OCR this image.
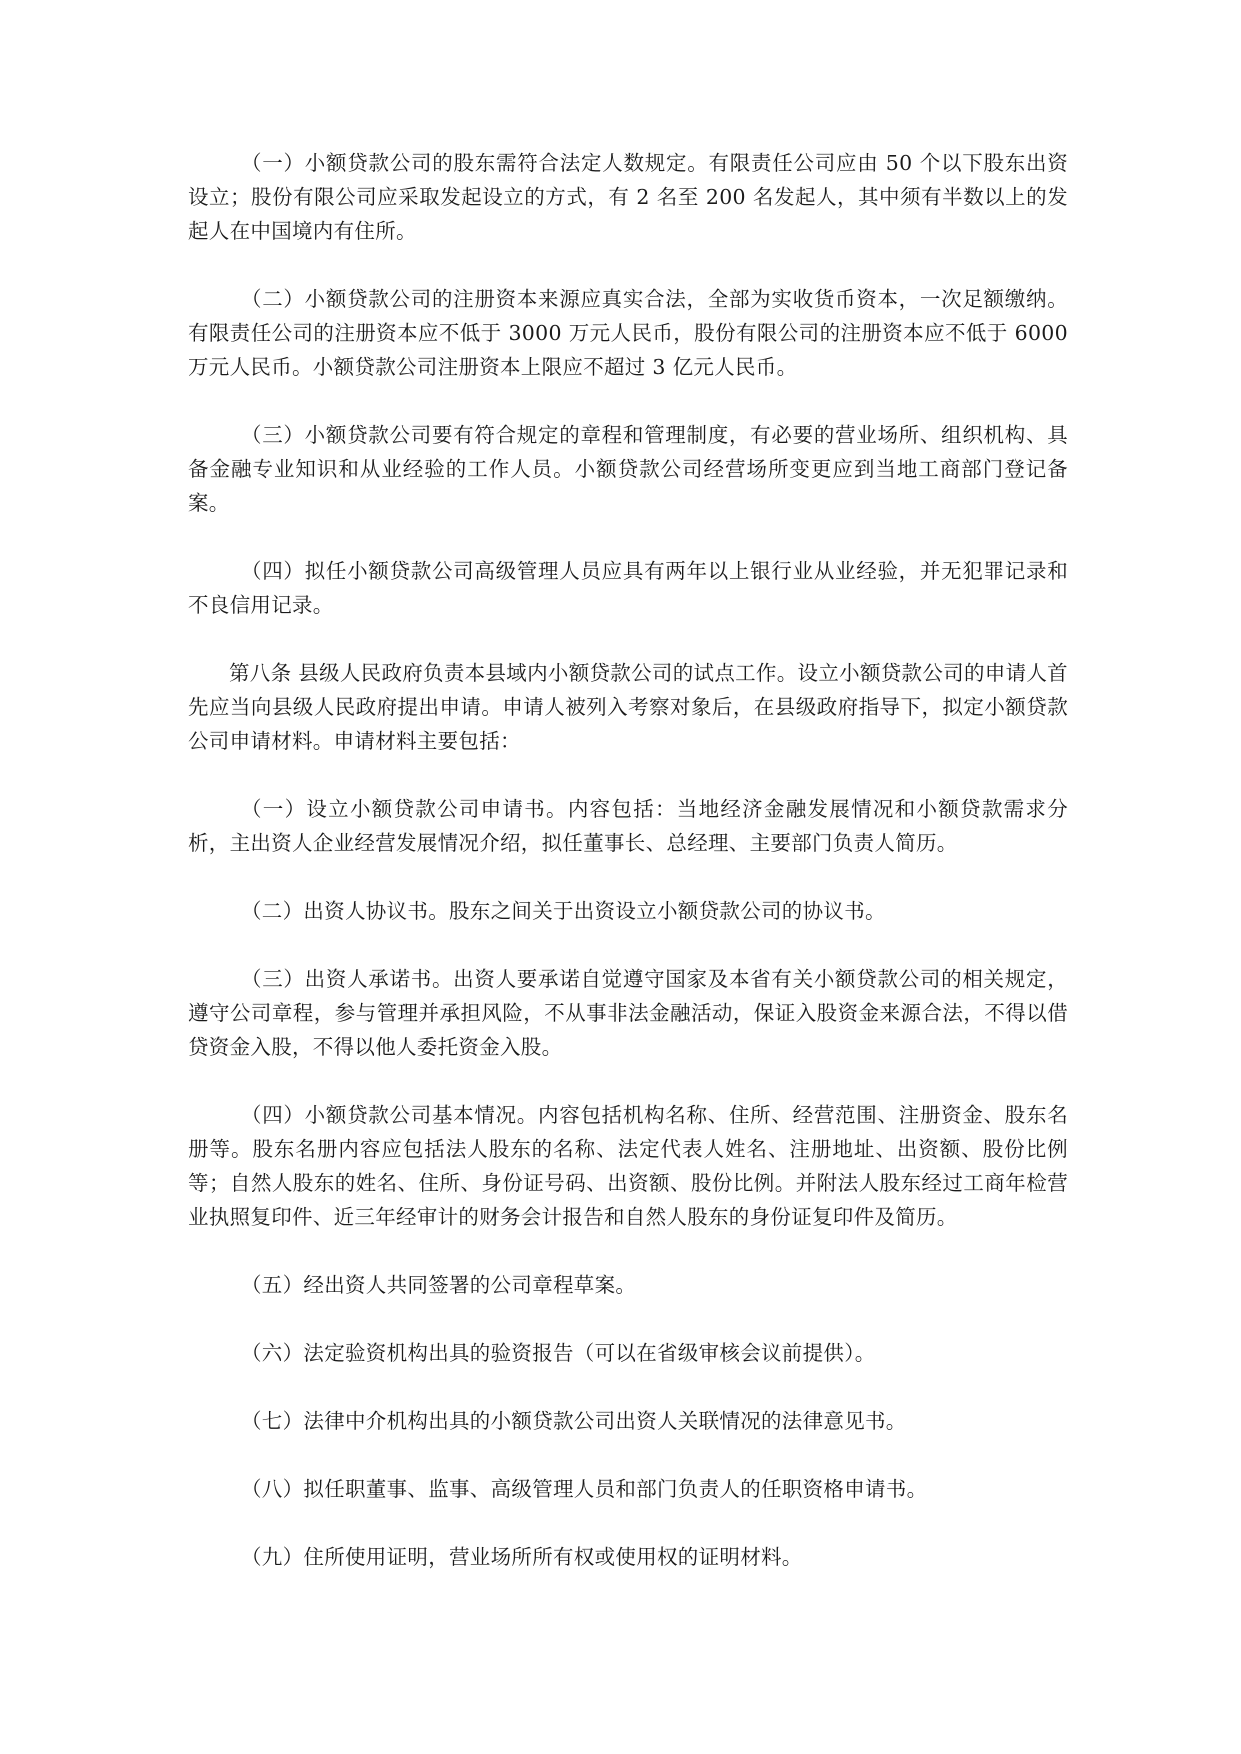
（一）小额贷款公司的股东需符合法定人数规定。有限责任公司应由 50 个以下股东出资设立；股份有限公司应采取发起设立的方式，有 2 名至 200 名发起人，其中须有半数以上的发起人在中国境内有住所。

（二）小额贷款公司的注册资本来源应真实合法，全部为实收货币资本，一次足额缴纳。有限责任公司的注册资本应不低于 3000 万元人民币，股份有限公司的注册资本应不低于 6000 万元人民币。小额贷款公司注册资本上限应不超过 3 亿元人民币。

（三）小额贷款公司要有符合规定的章程和管理制度，有必要的营业场所、组织机构、具备金融专业知识和从业经验的工作人员。小额贷款公司经营场所变更应到当地工商部门登记备案。

（四）拟任小额贷款公司高级管理人员应具有两年以上银行业从业经验，并无犯罪记录和不良信用记录。

第八条 县级人民政府负责本县域内小额贷款公司的试点工作。设立小额贷款公司的申请人首先应当向县级人民政府提出申请。申请人被列入考察对象后，在县级政府指导下，拟定小额贷款公司申请材料。申请材料主要包括：

（一）设立小额贷款公司申请书。内容包括：当地经济金融发展情况和小额贷款需求分析，主出资人企业经营发展情况介绍，拟任董事长、总经理、主要部门负责人简历。

（二）出资人协议书。股东之间关于出资设立小额贷款公司的协议书。

（三）出资人承诺书。出资人要承诺自觉遵守国家及本省有关小额贷款公司的相关规定，遵守公司章程，参与管理并承担风险，不从事非法金融活动，保证入股资金来源合法，不得以借贷资金入股，不得以他人委托资金入股。

（四）小额贷款公司基本情况。内容包括机构名称、住所、经营范围、注册资金、股东名册等。股东名册内容应包括法人股东的名称、法定代表人姓名、注册地址、出资额、股份比例等；自然人股东的姓名、住所、身份证号码、出资额、股份比例。并附法人股东经过工商年检营业执照复印件、近三年经审计的财务会计报告和自然人股东的身份证复印件及简历。

（五）经出资人共同签署的公司章程草案。

（六）法定验资机构出具的验资报告（可以在省级审核会议前提供）。

（七）法律中介机构出具的小额贷款公司出资人关联情况的法律意见书。

（八）拟任职董事、监事、高级管理人员和部门负责人的任职资格申请书。

（九）住所使用证明，营业场所所有权或使用权的证明材料。
